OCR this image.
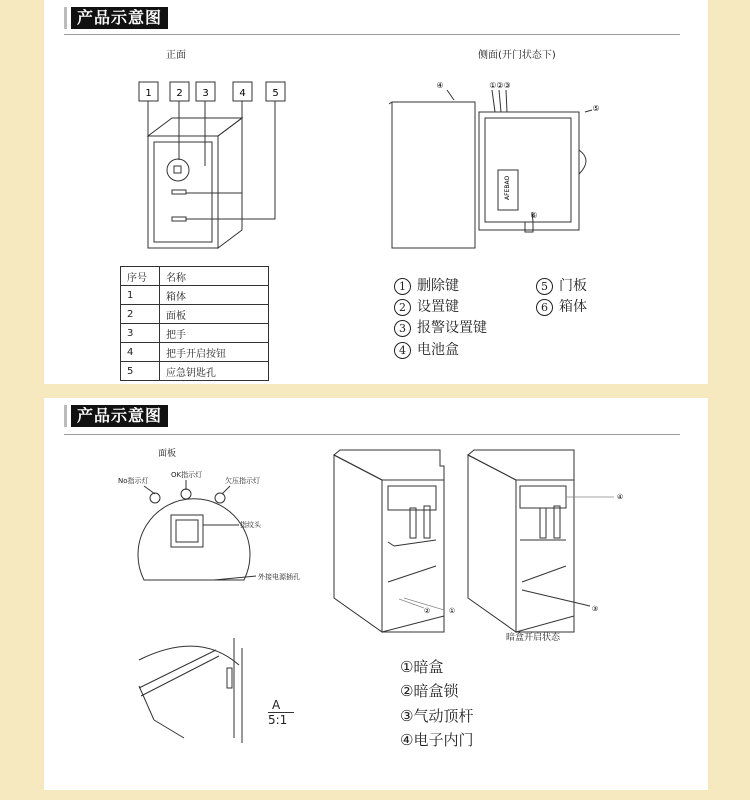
产品示意图
正面	侧面(开门状态下)
1 2 3	4	5
AFEBAO
④	①②③
⑤
⑥
序号	名称
1	箱体
2	面板
3	把手
4	把手开启按钮
5	应急钥匙孔
1 删除键
2 设置键
3 报警设置键
4 电池盒
5 门板
6 箱体
产品示意图
面板
No指示灯
OK指示灯
欠压指示灯
指纹头
外接电源插孔
A
5:1
②	①
④
③
暗盒开启状态
①暗盒
②暗盒锁
③气动顶杆
④电子内门
